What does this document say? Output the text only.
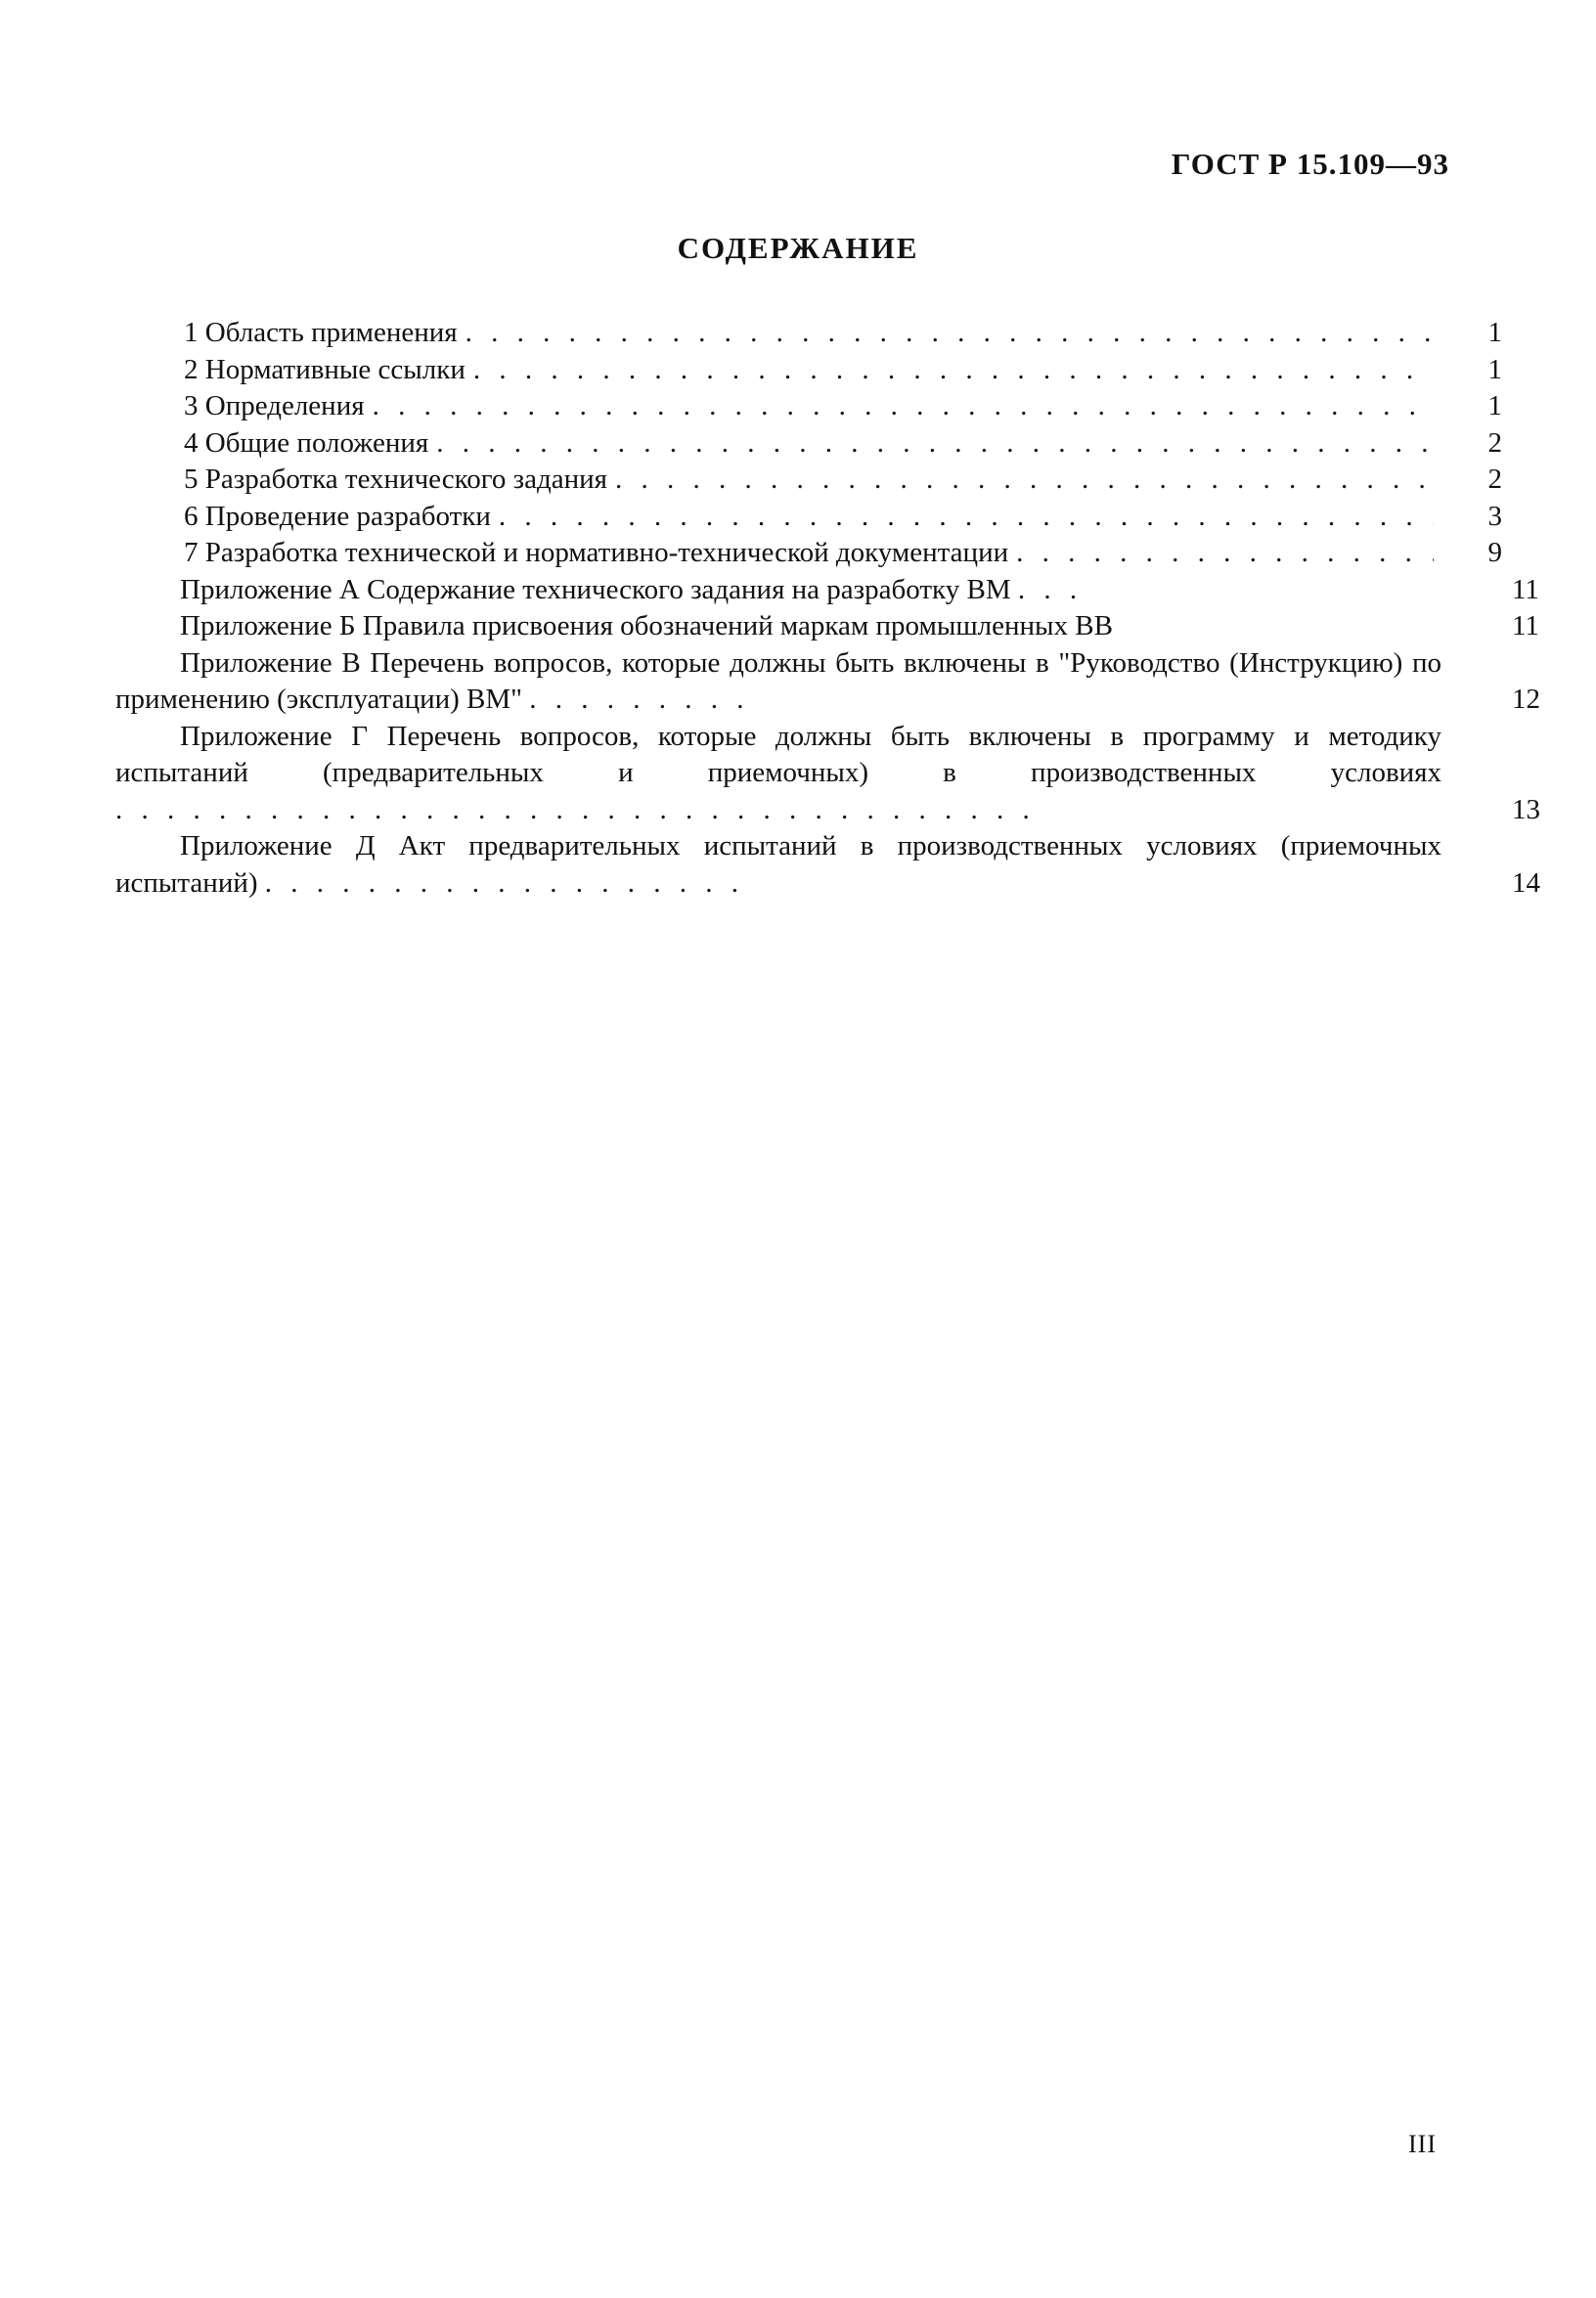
ГОСТ Р 15.109—93
СОДЕРЖАНИЕ
1 Область применения . . .	1
2 Нормативные ссылки . . .	1
3 Определения . . .	1
4 Общие положения . . .	2
5 Разработка технического задания . . .	2
6 Проведение разработки . . .	3
7 Разработка технической и нормативно-технической документации . . .	9
Приложение А Содержание технического задания на разработку ВМ . . .	11
Приложение Б Правила присвоения обозначений маркам промышленных ВВ	11
Приложение В Перечень вопросов, которые должны быть включены в "Руководство (Инструкцию) по применению (эксплуатации) ВМ" . . . . . . . . .	12
Приложение Г Перечень вопросов, которые должны быть включены в программу и методику испытаний (предварительных и приемочных) в производственных условиях . . . . . . . . . . . . . . . . . . . . . . . . . . . . . . . . . . . .	13
Приложение Д Акт предварительных испытаний в производственных условиях (приемочных испытаний) . . . . . . . . . . . . . . . . . . .	14
III
